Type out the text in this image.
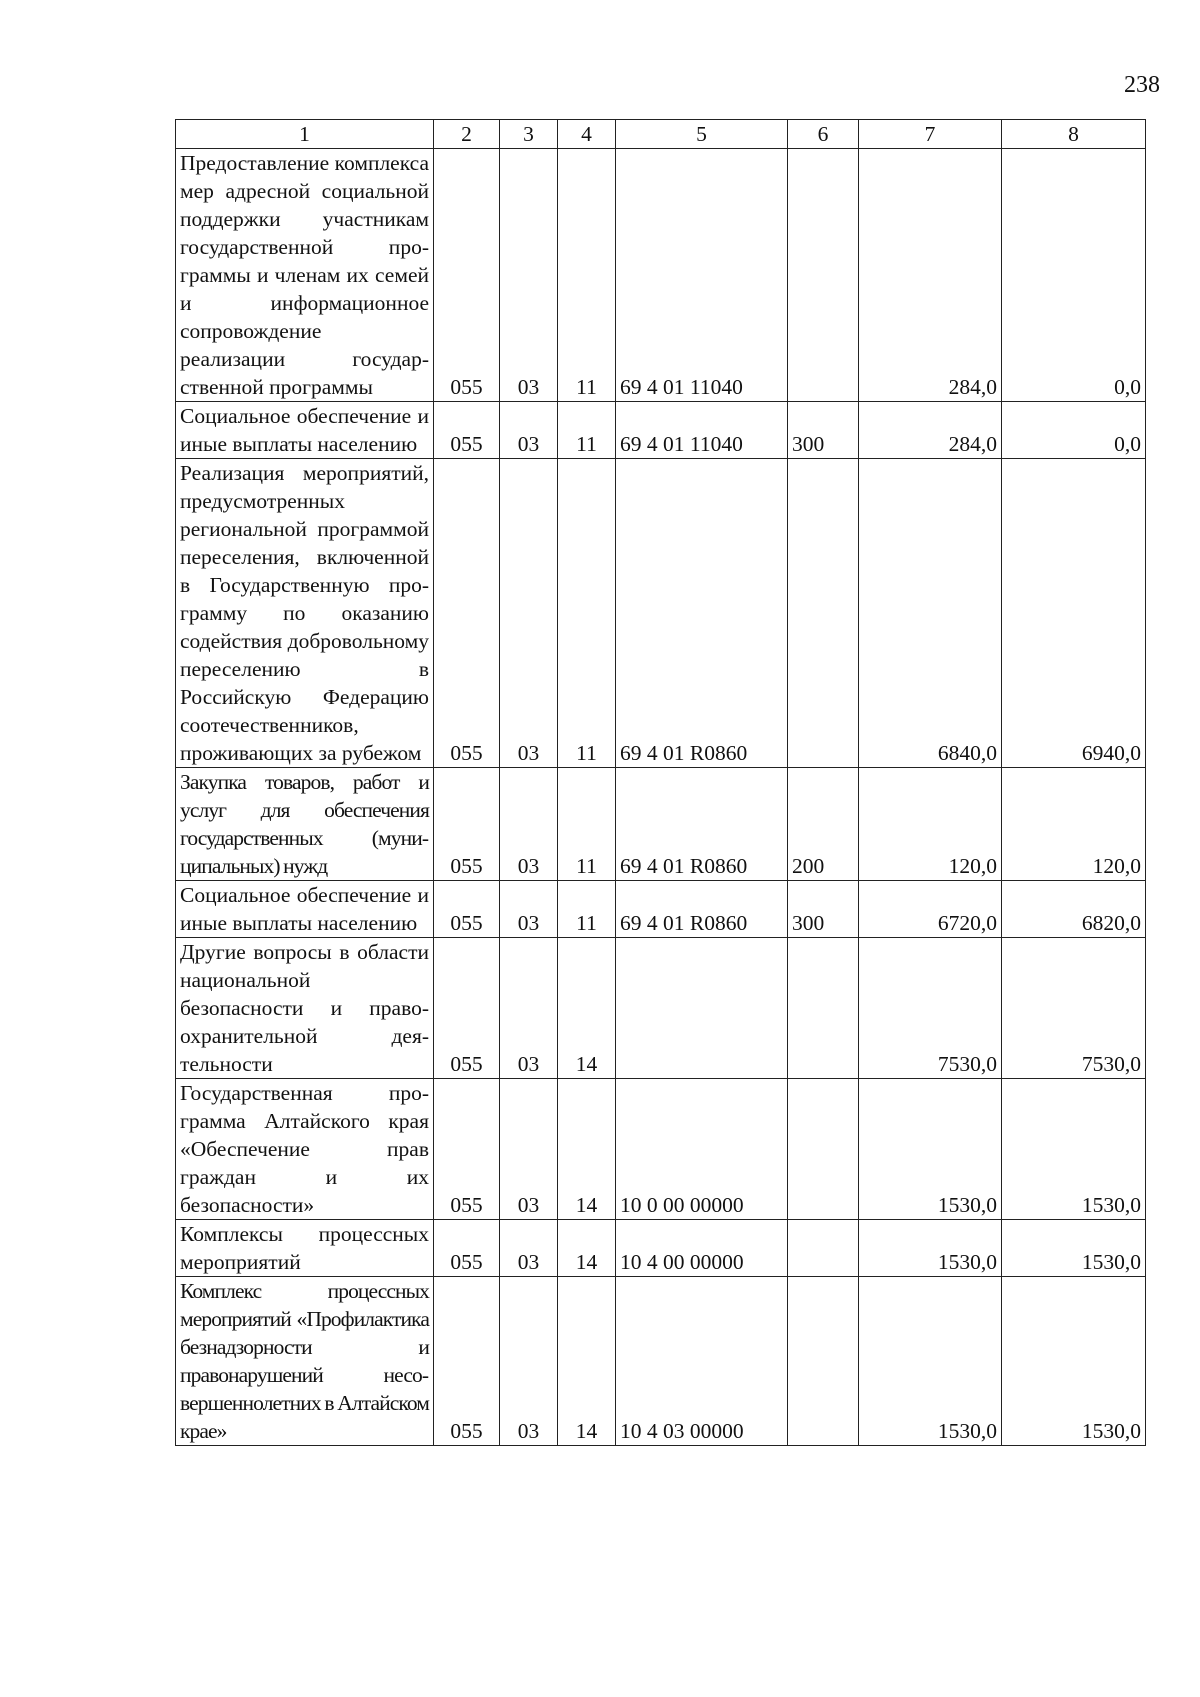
238
1	2	3	4	5	6	7	8
Предоставление комплекса мер адресной социальной поддержки участникам государственной программы и членам их семей и информационное сопровождение реализации государственной программы	055	03	11	69 4 01 11040		284,0	0,0
Социальное обеспечение и иные выплаты населению	055	03	11	69 4 01 11040	300	284,0	0,0
Реализация мероприятий, предусмотренных региональной программой переселения, включенной в Государственную программу по оказанию содействия добровольному переселению в Российскую Федерацию соотечественников, проживающих за рубежом	055	03	11	69 4 01 R0860		6840,0	6940,0
Закупка товаров, работ и услуг для обеспечения государственных (муниципальных) нужд	055	03	11	69 4 01 R0860	200	120,0	120,0
Социальное обеспечение и иные выплаты населению	055	03	11	69 4 01 R0860	300	6720,0	6820,0
Другие вопросы в области национальной безопасности и правоохранительной деятельности	055	03	14			7530,0	7530,0
Государственная программа Алтайского края «Обеспечение прав граждан и их безопасности»	055	03	14	10 0 00 00000		1530,0	1530,0
Комплексы процессных мероприятий	055	03	14	10 4 00 00000		1530,0	1530,0
Комплекс процессных мероприятий «Профилактика безнадзорности и правонарушений несовершеннолетних в Алтайском крае»	055	03	14	10 4 03 00000		1530,0	1530,0
